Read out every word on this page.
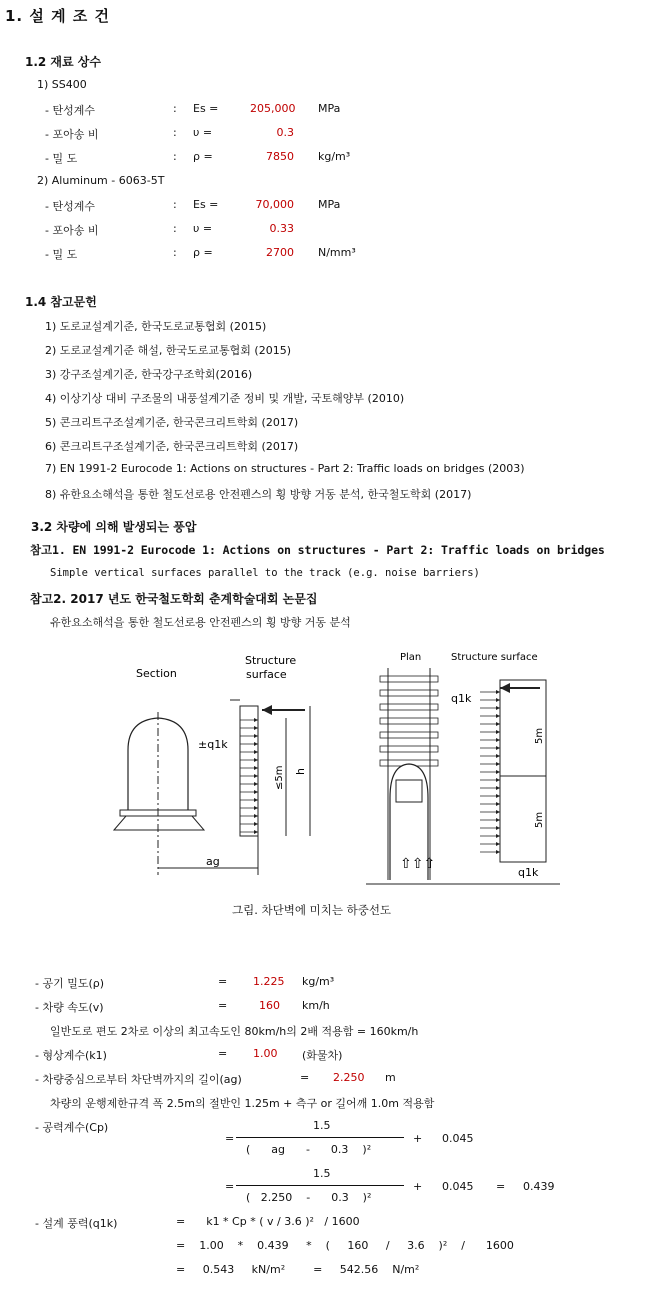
1. 설 계 조 건
1.2 재료 상수
1) SS400
- 탄성계수	: Es =	205,000 MPa
- 포아송 비	: υ =	0.3
- 밀 도	: ρ =	7850 kg/m³
2) Aluminum - 6063-5T
- 탄성계수	: Es =	70,000 MPa
- 포아송 비	: υ =	0.33
- 밀 도	: ρ =	2700 N/mm³
1.4 참고문헌
1) 도로교설계기준, 한국도로교통협회 (2015)
2) 도로교설계기준 해설, 한국도로교통협회 (2015)
3) 강구조설계기준, 한국강구조학회(2016)
4) 이상기상 대비 구조물의 내풍설계기준 정비 및 개발, 국토해양부 (2010)
5) 콘크리트구조설계기준, 한국콘크리트학회 (2017)
6) 콘크리트구조설계기준, 한국콘크리트학회 (2017)
7) EN 1991-2 Eurocode 1: Actions on structures - Part 2: Traffic loads on bridges (2003)
8) 유한요소해석을 통한 철도선로용 안전펜스의 횡 방향 거동 분석, 한국철도학회 (2017)
3.2 차량에 의해 발생되는 풍압
참고1. EN 1991-2 Eurocode 1: Actions on structures - Part 2: Traffic loads on bridges
Simple vertical surfaces parallel to the track (e.g. noise barriers)
참고2. 2017 년도 한국철도학회 춘계학술대회 논문집
유한요소해석을 통한 철도선로용 안전펜스의 횡 방향 거동 분석
Section
Structure
surface
±q1k
≤5m h
ag
Plan	Structure surface
⇧⇧⇧
q1k
5m
5m
q1k
그림. 차단벽에 미치는 하중선도
- 공기 밀도(ρ)	= 1.225 kg/m³
- 차량 속도(v)	=	160 km/h
일반도로 편도 2차로 이상의 최고속도인 80km/h의 2배 적용함 = 160km/h
- 형상계수(k1)	= 1.00 (화물차)
- 차량중심으로부터 차단벽까지의 길이(ag)	= 2.250 m
차량의 운행제한규격 폭 2.5m의 절반인 1.25m + 측구 or 길어깨 1.0m 적용함
- 공력계수(Cp)
=
1.5
(      ag      -      0.3    )²
+ 0.045
=
1.5
(   2.250    -      0.3    )²
+ 0.045 = 0.439
- 설계 풍력(q1k)	=      k1 * Cp * ( v / 3.6 )²   / 1600
=    1.00    *    0.439     *    (     160     /     3.6    )²    /      1600
=     0.543     kN/m²        =     542.56    N/m²
